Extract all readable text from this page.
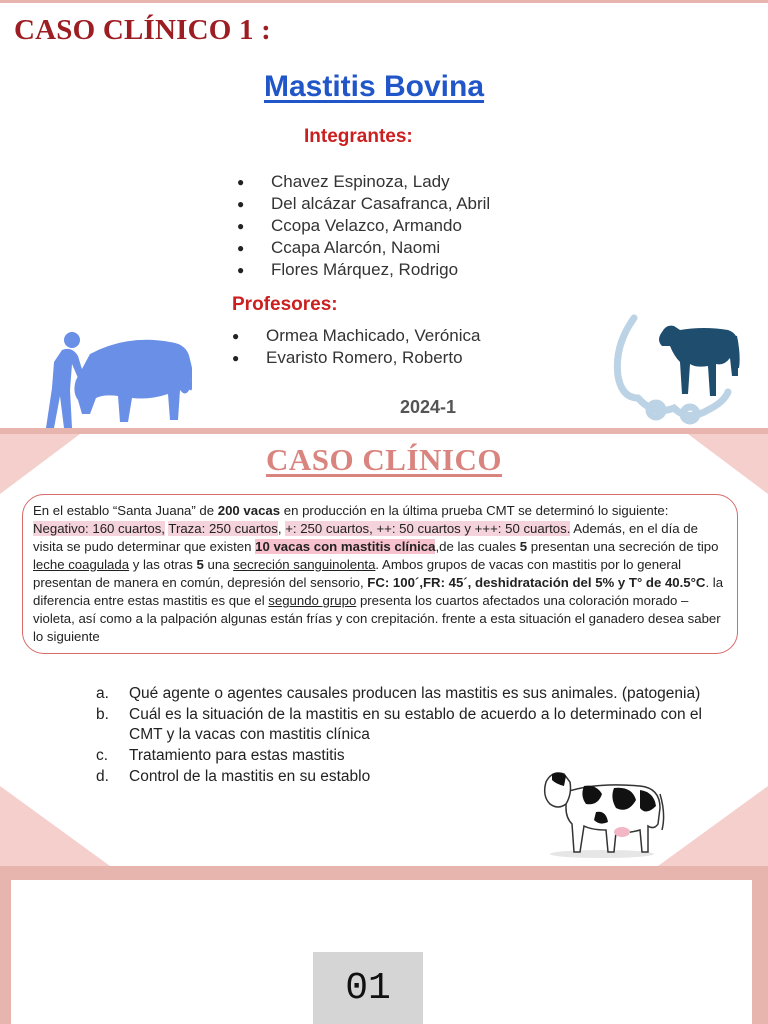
CASO CLÍNICO 1 :
Mastitis Bovina
Integrantes:
● Chavez Espinoza, Lady
● Del alcázar Casafranca, Abril
● Ccopa Velazco, Armando
● Ccapa Alarcón, Naomi
● Flores Márquez, Rodrigo
Profesores:
● Ormea Machicado, Verónica
● Evaristo Romero, Roberto
2024-1
CASO CLÍNICO
En el establo “Santa Juana” de 200 vacas en producción en la última prueba CMT se determinó lo siguiente: Negativo: 160 cuartos, Traza: 250 cuartos, +: 250 cuartos, ++: 50 cuartos y +++: 50 cuartos. Además, en el día de visita se pudo determinar que existen 10 vacas con mastitis clínica,de las cuales 5 presentan una secreción de tipo leche coagulada y las otras 5 una secreción sanguinolenta. Ambos grupos de vacas con mastitis por lo general presentan de manera en común, depresión del sensorio, FC: 100´,FR: 45´, deshidratación del 5% y T° de 40.5°C. la diferencia entre estas mastitis es que el segundo grupo presenta los cuartos afectados una coloración morado – violeta, así como a la palpación algunas están frías y con crepitación. frente a esta situación el ganadero desea saber lo siguiente
a. Qué agente o agentes causales producen las mastitis es sus animales. (patogenia)
b. Cuál es la situación de la mastitis en su establo de acuerdo a lo determinado con el CMT y la vacas con mastitis clínica
c. Tratamiento para estas mastitis
d. Control de la mastitis en su establo
01
